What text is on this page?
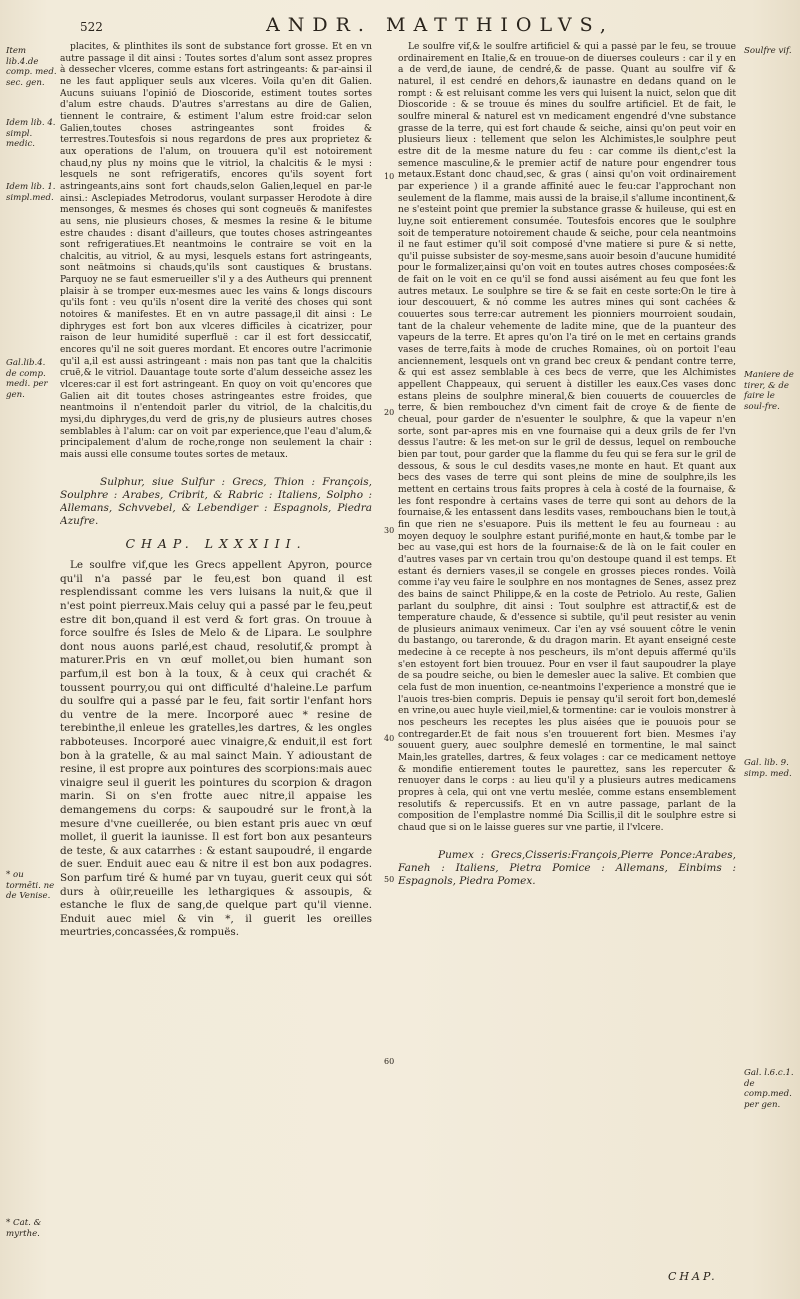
522	ANDR. MATTHIOLVS,
Item lib.4.de comp. med. sec. gen.
Idem lib. 4. simpl. medic.
Idem lib. 1. simpl.med.
Gal.lib.4. de comp. medi. per gen.
* ou tormēti. ne de Venise.
* Cat. & myrthe.
Soulfre vif.
Maniere de tirer, & de faire le soul-fre.
Gal. lib. 9. simp. med.
Gal. l.6.c.1. de comp.med. per gen.
10
20
30
40
50
60

placites, & plinthites ils sont de substance fort grosse. Et en vn autre passage il dit ainsi : Toutes sortes d'alum sont assez propres à dessecher vlceres, comme estans fort astringeants: & par-ainsi il ne les faut appliquer seuls aux vlceres. Voila qu'en dit Galien. Aucuns suiuans l'opinió de Dioscoride, estiment toutes sortes d'alum estre chauds. D'autres s'arrestans au dire de Galien, tiennent le contraire, & estiment l'alum estre froid:car selon Galien,toutes choses astringeantes sont froides & terrestres.Toutesfois si nous regardons de pres aux proprietez & aux operations de l'alum, on trouuera qu'il est notoirement chaud,ny plus ny moins que le vitriol, la chalcitis & le mysi : lesquels ne sont refrigeratifs, encores qu'ils soyent fort astringeants,ains sont fort chauds,selon Galien,lequel en par-le ainsi.: Asclepiades Metrodorus, voulant surpasser Herodote à dire mensonges, & mesmes és choses qui sont cogneuës & manifestes au sens, nie plusieurs choses, & mesmes la resine & le bitume estre chaudes : disant d'ailleurs, que toutes choses astringeantes sont refrigeratiues.Et neantmoins le contraire se voit en la chalcitis, au vitriol, & au mysi, lesquels estans fort astringeants, sont neātmoins si chauds,qu'ils sont caustiques & brustans. Parquoy ne se faut esmerueiller s'il y a des Autheurs qui prennent plaisir à se tromper eux-mesmes auec les vains & longs discours qu'ils font : veu qu'ils n'osent dire la verité des choses qui sont notoires & manifestes. Et en vn autre passage,il dit ainsi : Le diphryges est fort bon aux vlceres difficiles à cicatrizer, pour raison de leur humidité superfluë : car il est fort dessiccatif, encores qu'il ne soit gueres mordant. Et encores outre l'acrimonie qu'il a,il est aussi astringeant : mais non pas tant que la chalcitis cruë,& le vitriol. Dauantage toute sorte d'alum desseiche assez les vlceres:car il est fort astringeant. En quoy on voit qu'encores que Galien ait dit toutes choses astringeantes estre froides, que neantmoins il n'entendoit parler du vitriol, de la chalcitis,du mysi,du diphryges,du verd de gris,ny de plusieurs autres choses semblables à l'alum: car on voit par experience,que l'eau d'alum,& principalement d'alum de roche,ronge non seulement la chair : mais aussi elle consume toutes sortes de metaux.

Sulphur, siue Sulfur : Grecs, Thion : François, Soulphre : Arabes, Cribrit, & Rabric : Italiens, Solpho : Allemans, Schvvebel, & Lebendiger : Espagnols, Piedra Azufre.

CHAP. LXXXIII.

Le soulfre vif,que les Grecs appellent Apyron, pource qu'il n'a passé par le feu,est bon quand il est resplendissant comme les vers luisans la nuit,& que il n'est point pierreux.Mais celuy qui a passé par le feu,peut estre dit bon,quand il est verd & fort gras. On trouue à force soulfre és Isles de Melo & de Lipara. Le soulphre dont nous auons parlé,est chaud, resolutif,& prompt à maturer.Pris en vn œuf mollet,ou bien humant son parfum,il est bon à la toux, & à ceux qui crachét & toussent pourry,ou qui ont difficulté d'haleine.Le parfum du soulfre qui a passé par le feu, fait sortir l'enfant hors du ventre de la mere. Incorporé auec * resine de terebinthe,il enleue les gratelles,les dartres, & les ongles rabboteuses. Incorporé auec vinaigre,& enduit,il est fort bon à la gratelle, & au mal sainct Main. Y adioustant de resine, il est propre aux pointures des scorpions:mais auec vinaigre seul il guerit les pointures du scorpion & dragon marin. Si on s'en frotte auec nitre,il appaise les demangemens du corps: & saupoudré sur le front,à la mesure d'vne cueillerée, ou bien estant pris auec vn œuf mollet, il guerit la iaunisse. Il est fort bon aux pesanteurs de teste, & aux catarrhes : & estant saupoudré, il engarde de suer. Enduit auec eau & nitre il est bon aux podagres. Son parfum tiré & humé par vn tuyau, guerit ceux qui sót durs à oüir,reueille les lethargiques & assoupis, & estanche le flux de sang,de quelque part qu'il vienne. Enduit auec miel & vin *, il guerit les oreilles meurtries,concassées,& rompuës.

Le soulfre vif,& le soulfre artificiel & qui a passé par le feu, se trouue ordinairement en Italie,& en trouue-on de diuerses couleurs : car il y en a de verd,de iaune, de cendré,& de passe. Quant au soulfre vif & naturel, il est cendré en dehors,& iaunastre en dedans quand on le rompt : & est reluisant comme les vers qui luisent la nuict, selon que dit Dioscoride : & se trouue és mines du soulfre artificiel. Et de fait, le soulfre mineral & naturel est vn medicament engendré d'vne substance grasse de la terre, qui est fort chaude & seiche, ainsi qu'on peut voir en plusieurs lieux : tellement que selon les Alchimistes,le soulphre peut estre dit de la mesme nature du feu : car comme ils dient,c'est la semence masculine,& le premier actif de nature pour engendrer tous metaux.Estant donc chaud,sec, & gras ( ainsi qu'on voit ordinairement par experience ) il a grande affinité auec le feu:car l'approchant non seulement de la flamme, mais aussi de la braise,il s'allume incontinent,& ne s'esteint point que premier la substance grasse & huileuse, qui est en luy,ne soit entierement consumée. Toutesfois encores que le soulphre soit de temperature notoirement chaude & seiche, pour cela neantmoins il ne faut estimer qu'il soit composé d'vne matiere si pure & si nette, qu'il puisse subsister de soy-mesme,sans auoir besoin d'aucune humidité pour le formalizer,ainsi qu'on voit en toutes autres choses composées:& de fait on le voit en ce qu'il se fond aussi aisément au feu que font les autres metaux. Le soulphre se tire & se fait en ceste sorte:On le tire à iour descouuert, & nó comme les autres mines qui sont cachées & couuertes sous terre:car autrement les pionniers mourroient soudain, tant de la chaleur vehemente de ladite mine, que de la puanteur des vapeurs de la terre. Et apres qu'on l'a tiré on le met en certains grands vases de terre,faits à mode de cruches Romaines, où on portoit l'eau anciennement, lesquels ont vn grand bec creux & pendant contre terre, & qui est assez semblable à ces becs de verre, que les Alchimistes appellent Chappeaux, qui seruent à distiller les eaux.Ces vases donc estans pleins de soulphre mineral,& bien couuerts de couuercles de terre, & bien rembouchez d'vn ciment fait de croye & de fiente de cheual, pour garder de n'esuenter le soulphre, & que la vapeur n'en sorte, sont par-apres mis en vne fournaise qui a deux grils de fer l'vn dessus l'autre: & les met-on sur le gril de dessus, lequel on rembouche bien par tout, pour garder que la flamme du feu qui se fera sur le gril de dessous, & sous le cul desdits vases,ne monte en haut. Et quant aux becs des vases de terre qui sont pleins de mine de soulphre,ils les mettent en certains trous faits propres à cela à costé de la fournaise, & les font respondre à certains vases de terre qui sont au dehors de la fournaise,& les entassent dans lesdits vases, rembouchans bien le tout,à fin que rien ne s'esuapore. Puis ils mettent le feu au fourneau : au moyen dequoy le soulphre estant purifié,monte en haut,& tombe par le bec au vase,qui est hors de la fournaise:& de là on le fait couler en d'autres vases par vn certain trou qu'on destoupe quand il est temps. Et estant és derniers vases,il se congele en grosses pieces rondes. Voilà comme i'ay veu faire le soulphre en nos montagnes de Senes, assez prez des bains de sainct Philippe,& en la coste de Petriolo. Au reste, Galien parlant du soulphre, dit ainsi : Tout soulphre est attractif,& est de temperature chaude, & d'essence si subtile, qu'il peut resister au venin de plusieurs animaux venimeux. Car i'en ay vsé souuent côtre le venin du bastango, ou tareronde, & du dragon marin. Et ayant enseigné ceste medecine à ce recepte à nos pescheurs, ils m'ont depuis affermé qu'ils s'en estoyent fort bien trouuez. Pour en vser il faut saupoudrer la playe de sa poudre seiche, ou bien le demesler auec la salive. Et combien que cela fust de mon inuention, ce-neantmoins l'experience a monstré que ie l'auois tres-bien compris. Depuis ie pensay qu'il seroit fort bon,demeslé en vrine,ou auec huyle vieil,miel,& tormentine: car ie voulois monstrer à nos pescheurs les receptes les plus aisées que ie pouuois pour se contregarder.Et de fait nous s'en trouuerent fort bien. Mesmes i'ay souuent guery, auec soulphre demeslé en tormentine, le mal sainct Main,les gratelles, dartres, & feux volages : car ce medicament nettoye & mondifie entierement toutes le paurettez, sans les repercuter & renuoyer dans le corps : au lieu qu'il y a plusieurs autres medicamens propres à cela, qui ont vne vertu meslée, comme estans ensemblement resolutifs & repercussifs. Et en vn autre passage, parlant de la composition de l'emplastre nommé Dia Scillis,il dit le soulphre estre si chaud que si on le laisse gueres sur vne partie, il l'vlcere.

Pumex : Grecs,Cisseris:François,Pierre Ponce:Arabes, Faneh : Italiens, Pietra Pomice : Allemans, Einbims : Espagnols, Piedra Pomex.

CHAP.
